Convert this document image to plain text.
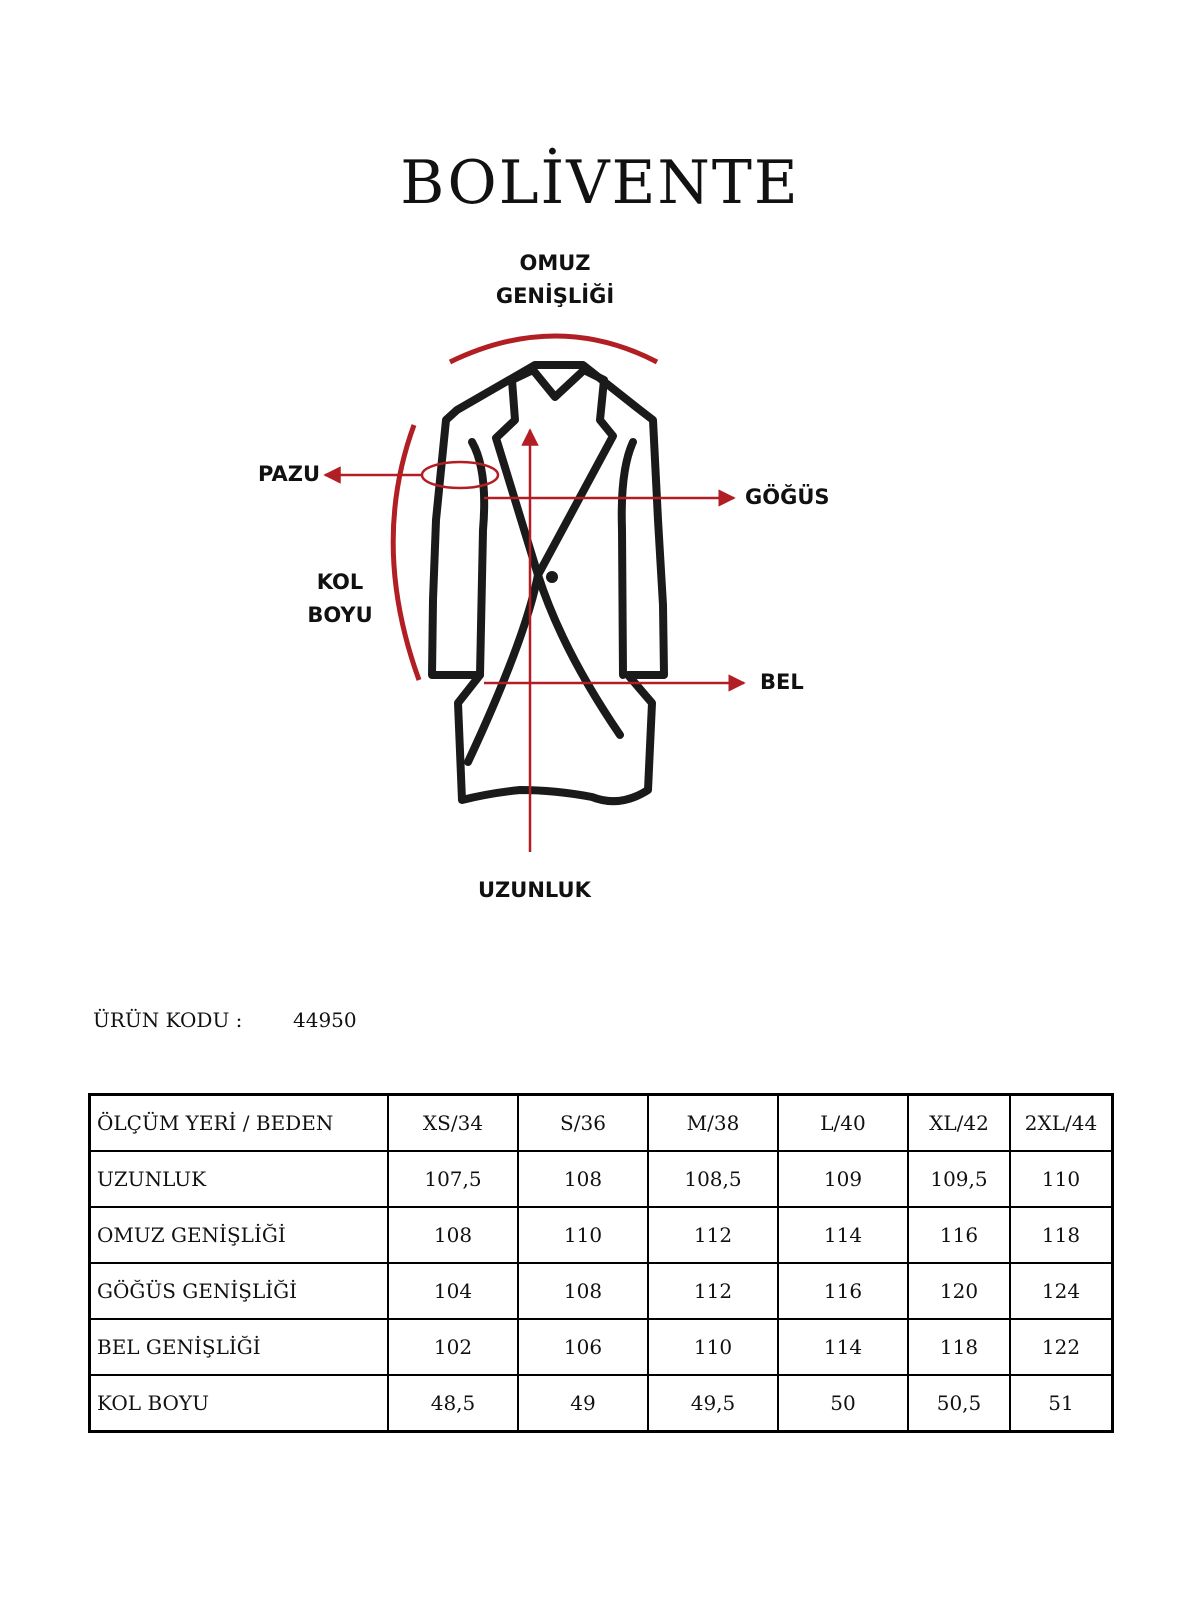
BOLİVENTE
OMUZ
GENİŞLİĞİ
PAZU
GÖĞÜS
KOL
BOYU
BEL
UZUNLUK
ÜRÜN KODU :	44950
ÖLÇÜM YERİ / BEDEN	XS/34	S/36	M/38	L/40	XL/42	2XL/44
UZUNLUK	107,5	108	108,5	109	109,5	110
OMUZ GENİŞLİĞİ	108	110	112	114	116	118
GÖĞÜS GENİŞLİĞİ	104	108	112	116	120	124
BEL GENİŞLİĞİ	102	106	110	114	118	122
KOL BOYU	48,5	49	49,5	50	50,5	51
